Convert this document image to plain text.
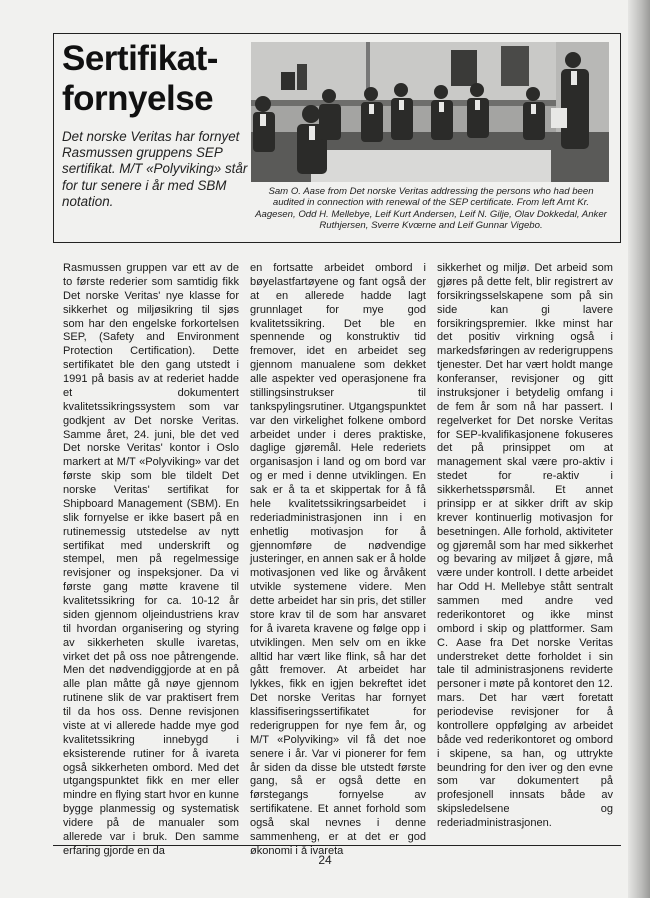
Sertifikat-
fornyelse
Det norske Veritas har fornyet Rasmussen gruppens SEP sertifikat. M/T «Polyviking» står for tur senere i år med SBM notation.
Sam O. Aase from Det norske Veritas addressing the persons who had been audited in connection with renewal of the SEP certificate. From left Arnt Kr. Aagesen, Odd H. Mellebye, Leif Kurt Andersen, Leif N. Gilje, Olav Dokkedal, Anker Ruthjersen, Sverre Kvœrne and Leif Gunnar Vigebo.

Rasmussen gruppen var ett av de to første rederier som samtidig fikk Det norske Veritas' nye klasse for sikkerhet og miljøsikring til sjøs som har den engelske forkortelsen SEP, (Safety and Environment Protection Certification). Dette sertifikatet ble den gang utstedt i 1991 på basis av at rederiet hadde et dokumentert kvalitetssikringssystem som var godkjent av Det norske Veritas. Samme året, 24. juni, ble det ved Det norske Veritas' kontor i Oslo markert at M/T «Polyviking» var det første skip som ble tildelt Det norske Veritas' sertifikat for Shipboard Management (SBM). En slik fornyelse er ikke basert på en rutinemessig utstedelse av nytt sertifikat med underskrift og stempel, men på regelmessige revisjoner og inspeksjoner. Da vi første gang møtte kravene til kvalitetssikring for ca. 10-12 år siden gjennom oljeindustriens krav til hvordan organisering og styring av sikkerheten skulle ivaretas, virket det på oss noe påtrengende. Men det nødvendiggjorde at en på alle plan måtte gå nøye gjennom rutinene slik de var praktisert frem til da hos oss. Denne revisjonen viste at vi allerede hadde mye god kvalitetssikring innebygd i eksisterende rutiner for å ivareta også sikkerheten ombord. Med det utgangspunktet fikk en mer eller mindre en flying start hvor en kunne bygge planmessig og systematisk videre på de manualer som allerede var i bruk. Den samme erfaring gjorde en da

en fortsatte arbeidet ombord i bøyelastfartøyene og fant også der at en allerede hadde lagt grunnlaget for mye god kvalitetssikring. Det ble en spennende og konstruktiv tid fremover, idet en arbeidet seg gjennom manualene som dekket alle aspekter ved operasjonene fra stillingsinstrukser til tankspylingsrutiner. Utgangspunktet var den virkelighet folkene ombord arbeidet under i deres praktiske, daglige gjøremål. Hele rederiets organisasjon i land og om bord var og er med i denne utviklingen. En sak er å ta et skippertak for å få hele kvalitetssikringsarbeidet i rederiadministrasjonen inn i en enhetlig motivasjon for å gjennomføre de nødvendige justeringer, en annen sak er å holde motivasjonen ved like og årvåkent utvikle systemene videre. Men dette arbeidet har sin pris, det stiller store krav til de som har ansvaret for å ivareta kravene og følge opp i utviklingen. Men selv om en ikke alltid har vært like flink, så har det gått fremover. At arbeidet har lykkes, fikk en igjen bekreftet idet Det norske Veritas har fornyet klassifiseringssertifikatet for rederigruppen for nye fem år, og M/T «Polyviking» vil få det noe senere i år. Var vi pionerer for fem år siden da disse ble utstedt første gang, så er også dette en førstegangs fornyelse av sertifikatene. Et annet forhold som også skal nevnes i denne sammenheng, er at det er god økonomi i å ivareta

sikkerhet og miljø. Det arbeid som gjøres på dette felt, blir registrert av forsikringsselskapene som på sin side kan gi lavere forsikringspremier. Ikke minst har det positiv virkning også i markedsføringen av rederigruppens tjenester. Det har vært holdt mange konferanser, revisjoner og gitt instruksjoner i betydelig omfang i de fem år som nå har passert. I regelverket for Det norske Veritas for SEP-kvalifikasjonene fokuseres det på prinsippet om at management skal være pro-aktiv i stedet for re-aktiv i sikkerhetsspørsmål. Et annet prinsipp er at sikker drift av skip krever kontinuerlig motivasjon for besetningen. Alle forhold, aktiviteter og gjøremål som har med sikkerhet og bevaring av miljøet å gjøre, må være under kontroll. I dette arbeidet har Odd H. Mellebye stått sentralt sammen med andre ved rederikontoret og ikke minst ombord i skip og plattformer. Sam C. Aase fra Det norske Veritas understreket dette forholdet i sin tale til administrasjonens reviderte personer i møte på kontoret den 12. mars. Det har vært foretatt periodevise revisjoner for å kontrollere oppfølging av arbeidet både ved rederikontoret og ombord i skipene, sa han, og uttrykte beundring for den iver og den evne som var dokumentert på profesjonell innsats både av skipsledelsene og rederiadministrasjonen.

24
